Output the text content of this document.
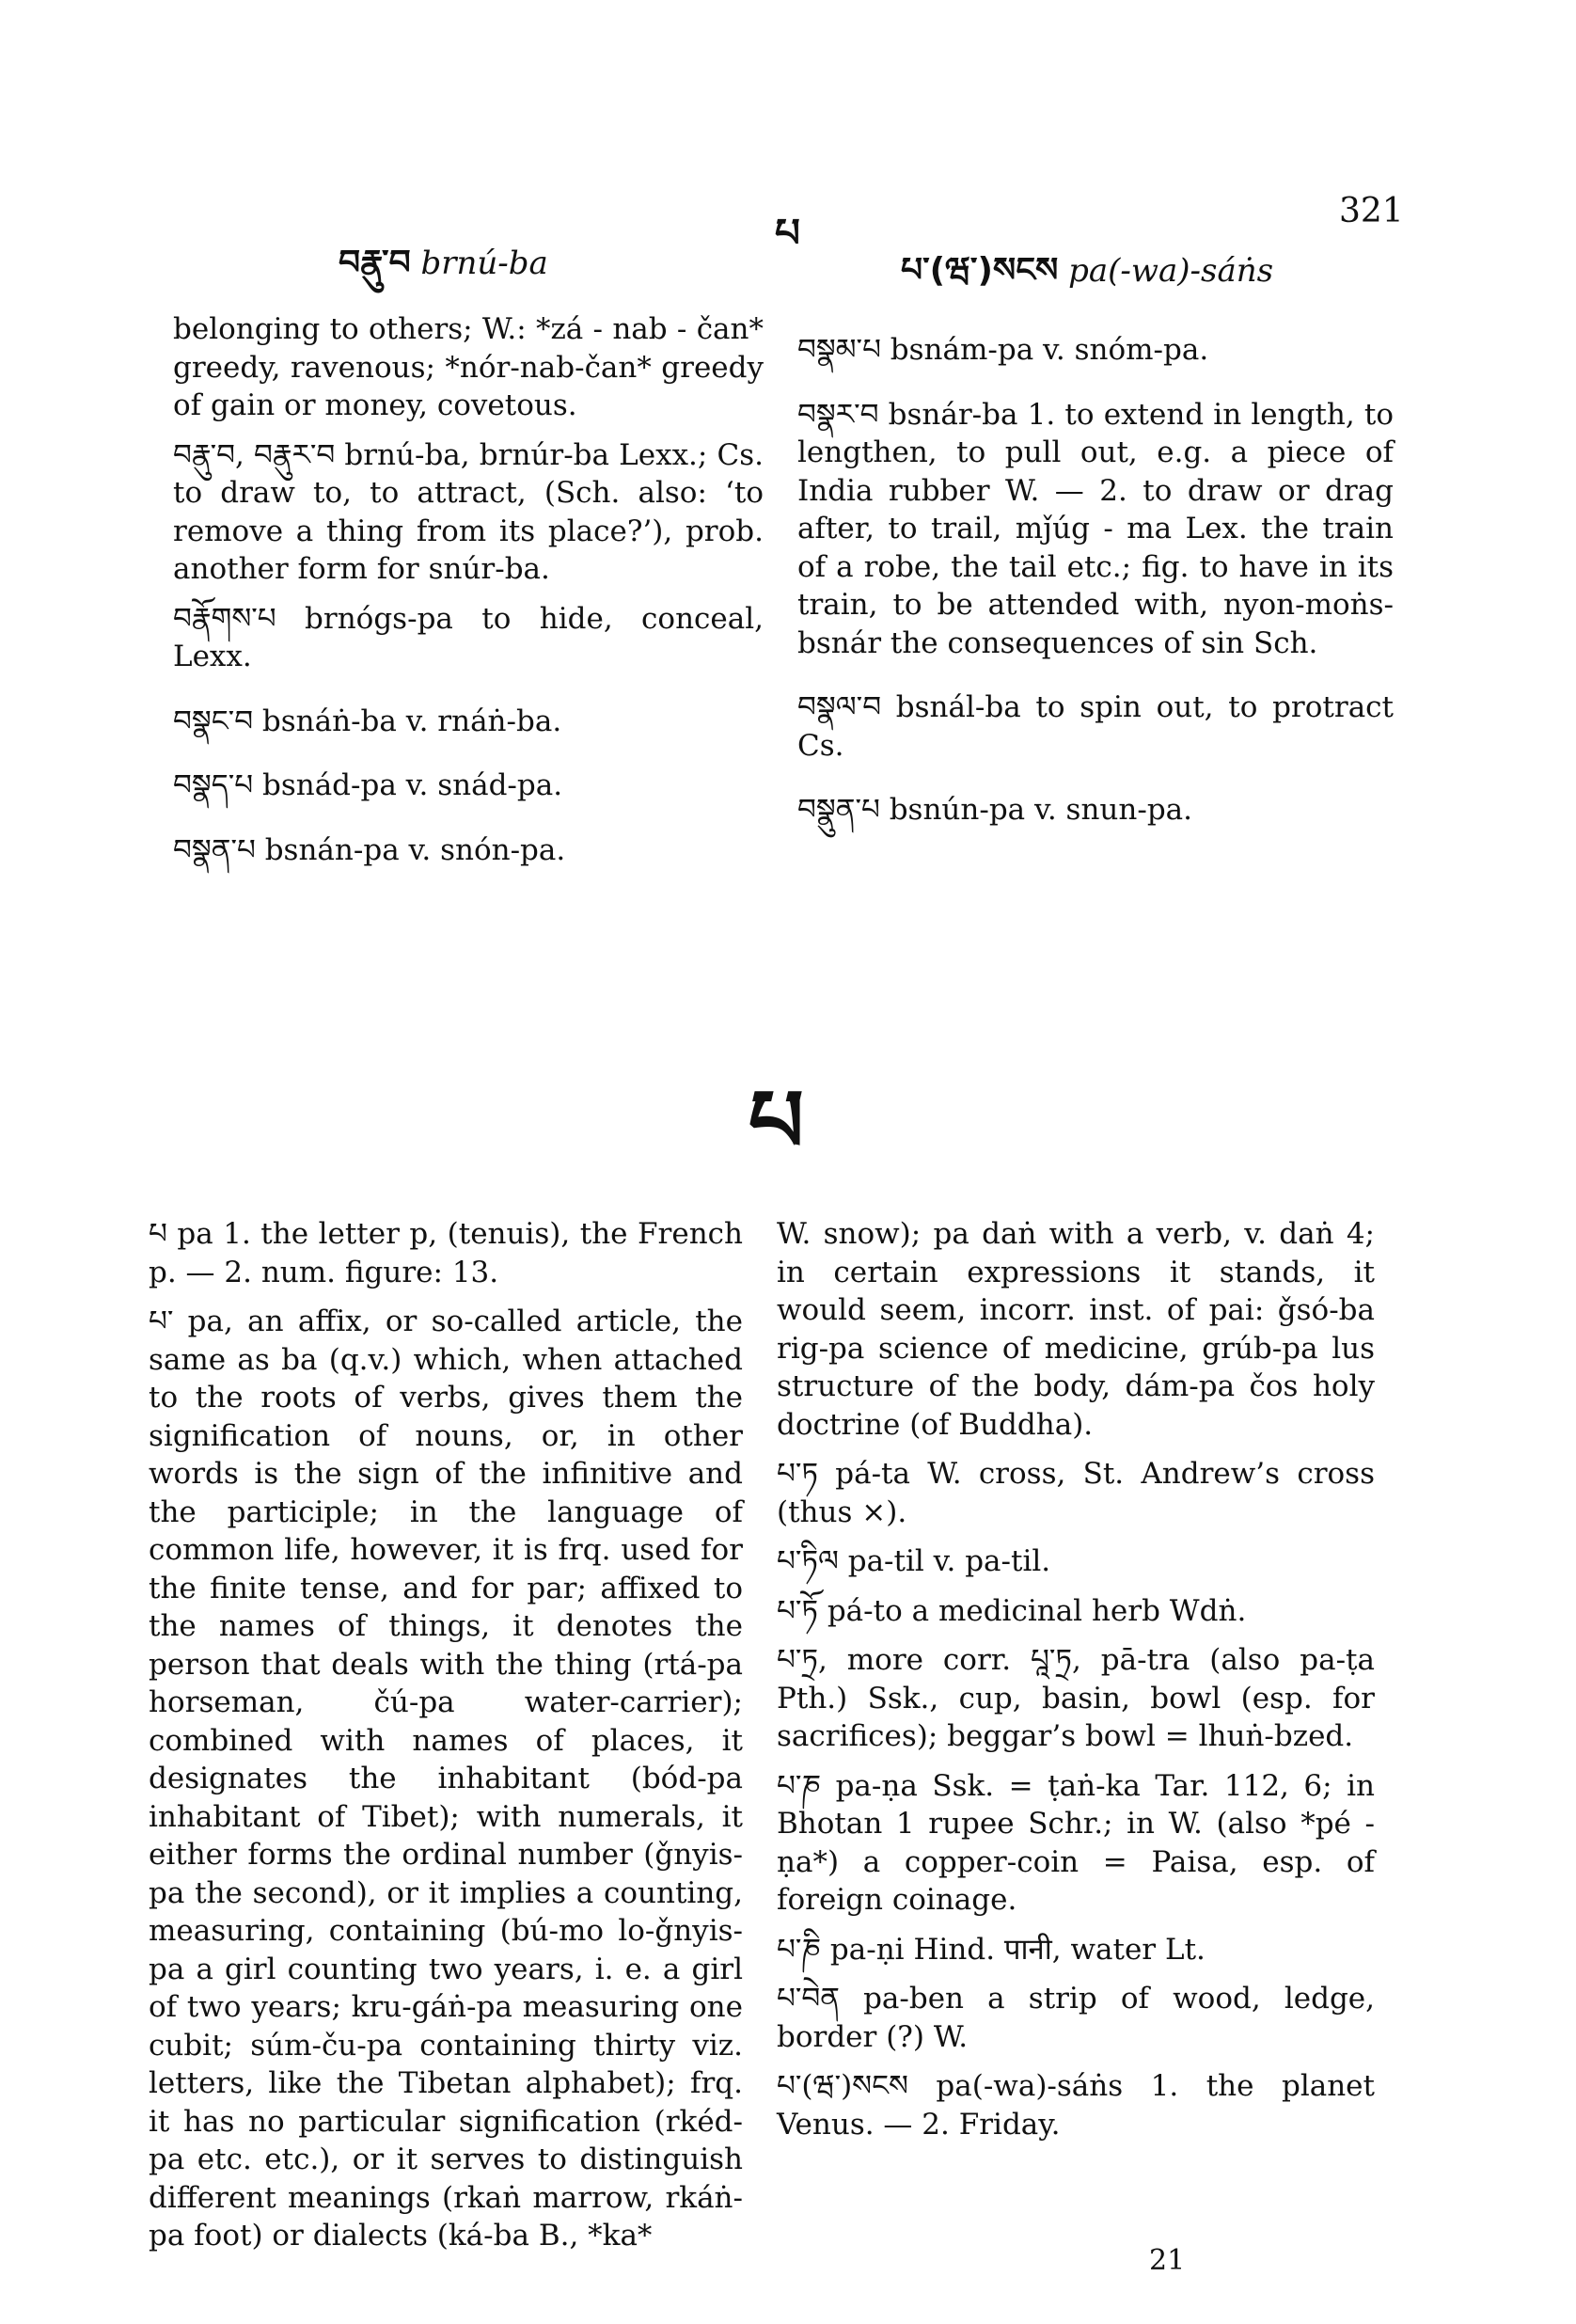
བརྣུ་བ brnú-ba
པ
པ་(ཝ་)སངས pa(-wa)-sáṅs
321

belonging to others; W.: *zá - nab - čan* greedy, ravenous; *nór-nab-čan* greedy of gain or money, covetous.

བརྣུ་བ, བརྣུར་བ brnú-ba, brnúr-ba Lexx.; Cs. to draw to, to attract, (Sch. also: ‘to remove a thing from its place?’), prob. another form for snúr-ba.

བརྣོགས་པ brnógs-pa to hide, conceal, Lexx.

བསྣང་བ bsnáṅ-ba v. rnáṅ-ba.

བསྣད་པ bsnád-pa v. snád-pa.

བསྣན་པ bsnán-pa v. snón-pa.

བསྣམ་པ bsnám-pa v. snóm-pa.

བསྣར་བ bsnár-ba 1. to extend in length, to lengthen, to pull out, e.g. a piece of India rubber W. — 2. to draw or drag after, to trail, mǰúg - ma Lex. the train of a robe, the tail etc.; fig. to have in its train, to be attended with, nyon-moṅs-bsnár the consequences of sin Sch.

བསྣལ་བ bsnál-ba to spin out, to protract Cs.

བསྣུན་པ bsnún-pa v. snun-pa.

པ

པ pa 1. the letter p, (tenuis), the French p. — 2. num. figure: 13.

པ་ pa, an affix, or so-called article, the same as ba (q.v.) which, when attached to the roots of verbs, gives them the signification of nouns, or, in other words is the sign of the infinitive and the participle; in the language of common life, however, it is frq. used for the finite tense, and for par; affixed to the names of things, it denotes the person that deals with the thing (rtá-pa horseman, čú-pa water-carrier); combined with names of places, it designates the inhabitant (bód-pa inhabitant of Tibet); with numerals, it either forms the ordinal number (ǧnyis-pa the second), or it implies a counting, measuring, containing (bú-mo lo-ǧnyis-pa a girl counting two years, i. e. a girl of two years; kru-gáṅ-pa measuring one cubit; súm-ču-pa containing thirty viz. letters, like the Tibetan alphabet); frq. it has no particular signification (rkéd-pa etc. etc.), or it serves to distinguish different meanings (rkaṅ marrow, rkáṅ-pa foot) or dialects (ká-ba B., *ka*

W. snow); pa daṅ with a verb, v. daṅ 4; in certain expressions it stands, it would seem, incorr. inst. of pai: ǧsó-ba rig-pa science of medicine, grúb-pa lus structure of the body, dám-pa čos holy doctrine (of Buddha).

པ་ཏ pá-ta W. cross, St. Andrew’s cross (thus ×).

པ་ཏིལ pa-til v. pa-til.

པ་ཏོ pá-to a medicinal herb Wdṅ.

པ་ཏྲ, more corr. པཱ་ཏྲ, pā-tra (also pa-ṭa Pth.) Ssk., cup, basin, bowl (esp. for sacrifices); beggar’s bowl = lhuṅ-bzed.

པ་ཎ pa-ṇa Ssk. = ṭaṅ-ka Tar. 112, 6; in Bhotan 1 rupee Schr.; in W. (also *pé - ṇa*) a copper-coin = Paisa, esp. of foreign coinage.

པ་ཎི pa-ṇi Hind. पानी, water Lt.

པ་བེན pa-ben a strip of wood, ledge, border (?) W.

པ་(ཝ་)སངས pa(-wa)-sáṅs 1. the planet Venus. — 2. Friday.

21
